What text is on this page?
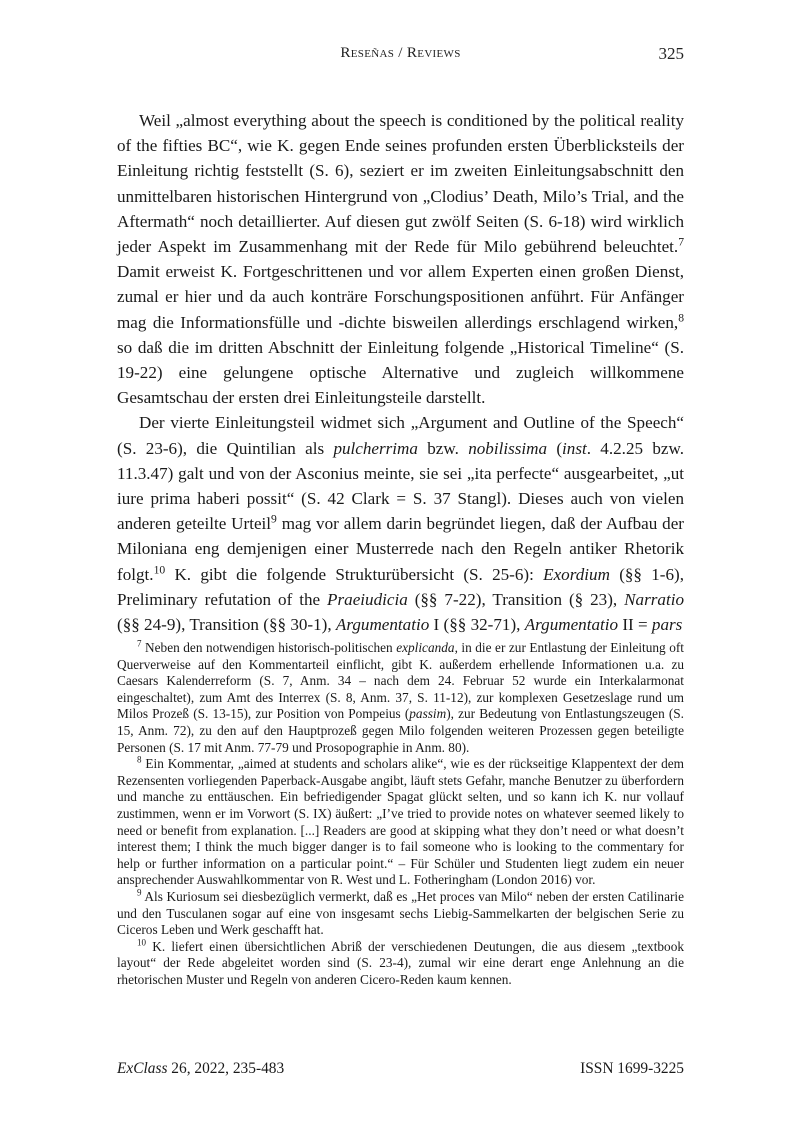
Reseñas / Reviews	325

Weil „almost everything about the speech is conditioned by the political reality of the fifties BC“, wie K. gegen Ende seines profunden ersten Überblicksteils der Einleitung richtig feststellt (S. 6), seziert er im zweiten Einleitungsabschnitt den unmittelbaren historischen Hintergrund von „Clodius’ Death, Milo’s Trial, and the Aftermath“ noch detaillierter. Auf diesen gut zwölf Seiten (S. 6-18) wird wirklich jeder Aspekt im Zusammenhang mit der Rede für Milo gebührend beleuchtet.$^7$ Damit erweist K. Fortgeschrittenen und vor allem Experten einen großen Dienst, zumal er hier und da auch konträre Forschungspositionen anführt. Für Anfänger mag die Informationsfülle und -dichte bisweilen allerdings erschlagend wirken,$^8$ so daß die im dritten Abschnitt der Einleitung folgende „Historical Timeline“ (S. 19-22) eine gelungene optische Alternative und zugleich willkommene Gesamtschau der ersten drei Einleitungsteile darstellt.

Der vierte Einleitungsteil widmet sich „Argument and Outline of the Speech“ (S. 23-6), die Quintilian als pulcherrima bzw. nobilissima (inst. 4.2.25 bzw. 11.3.47) galt und von der Asconius meinte, sie sei „ita perfecte“ ausgearbeitet, „ut iure prima haberi possit“ (S. 42 Clark = S. 37 Stangl). Dieses auch von vielen anderen geteilte Urteil$^9$ mag vor allem darin begründet liegen, daß der Aufbau der Miloniana eng demjenigen einer Musterrede nach den Regeln antiker Rhetorik folgt.$^{10}$ K. gibt die folgende Strukturübersicht (S. 25-6): Exordium (§§ 1-6), Preliminary refutation of the Praeiudicia (§§ 7-22), Transition (§ 23), Narratio (§§ 24-9), Transition (§§ 30-1), Argumentatio I (§§ 32-71), Argumentatio II = pars

$^7$ Neben den notwendigen historisch-politischen explicanda, in die er zur Entlastung der Einleitung oft Querverweise auf den Kommentarteil einflicht, gibt K. außerdem erhellende Informationen u.a. zu Caesars Kalenderreform (S. 7, Anm. 34 – nach dem 24. Februar 52 wurde ein Interkalarmonat eingeschaltet), zum Amt des Interrex (S. 8, Anm. 37, S. 11-12), zur komplexen Gesetzeslage rund um Milos Prozeß (S. 13-15), zur Position von Pompeius (passim), zur Bedeutung von Entlastungszeugen (S. 15, Anm. 72), zu den auf den Hauptprozeß gegen Milo folgenden weiteren Prozessen gegen beteiligte Personen (S. 17 mit Anm. 77-79 und Prosopographie in Anm. 80).

$^8$ Ein Kommentar, „aimed at students and scholars alike“, wie es der rückseitige Klappentext der dem Rezensenten vorliegenden Paperback-Ausgabe angibt, läuft stets Gefahr, manche Benutzer zu überfordern und manche zu enttäuschen. Ein befriedigender Spagat glückt selten, und so kann ich K. nur vollauf zustimmen, wenn er im Vorwort (S. IX) äußert: „I’ve tried to provide notes on whatever seemed likely to need or benefit from explanation. [...] Readers are good at skipping what they don’t need or what doesn’t interest them; I think the much bigger danger is to fail someone who is looking to the commentary for help or further information on a particular point.“ – Für Schüler und Studenten liegt zudem ein neuer ansprechender Auswahlkommentar von R. West und L. Fotheringham (London 2016) vor.

$^9$ Als Kuriosum sei diesbezüglich vermerkt, daß es „Het proces van Milo“ neben der ersten Catilinarie und den Tusculanen sogar auf eine von insgesamt sechs Liebig-Sammelkarten der belgischen Serie zu Ciceros Leben und Werk geschafft hat.

$^{10}$ K. liefert einen übersichtlichen Abriß der verschiedenen Deutungen, die aus diesem „textbook layout“ der Rede abgeleitet worden sind (S. 23-4), zumal wir eine derart enge Anlehnung an die rhetorischen Muster und Regeln von anderen Cicero-Reden kaum kennen.

ExClass 26, 2022, 235-483	ISSN 1699-3225
